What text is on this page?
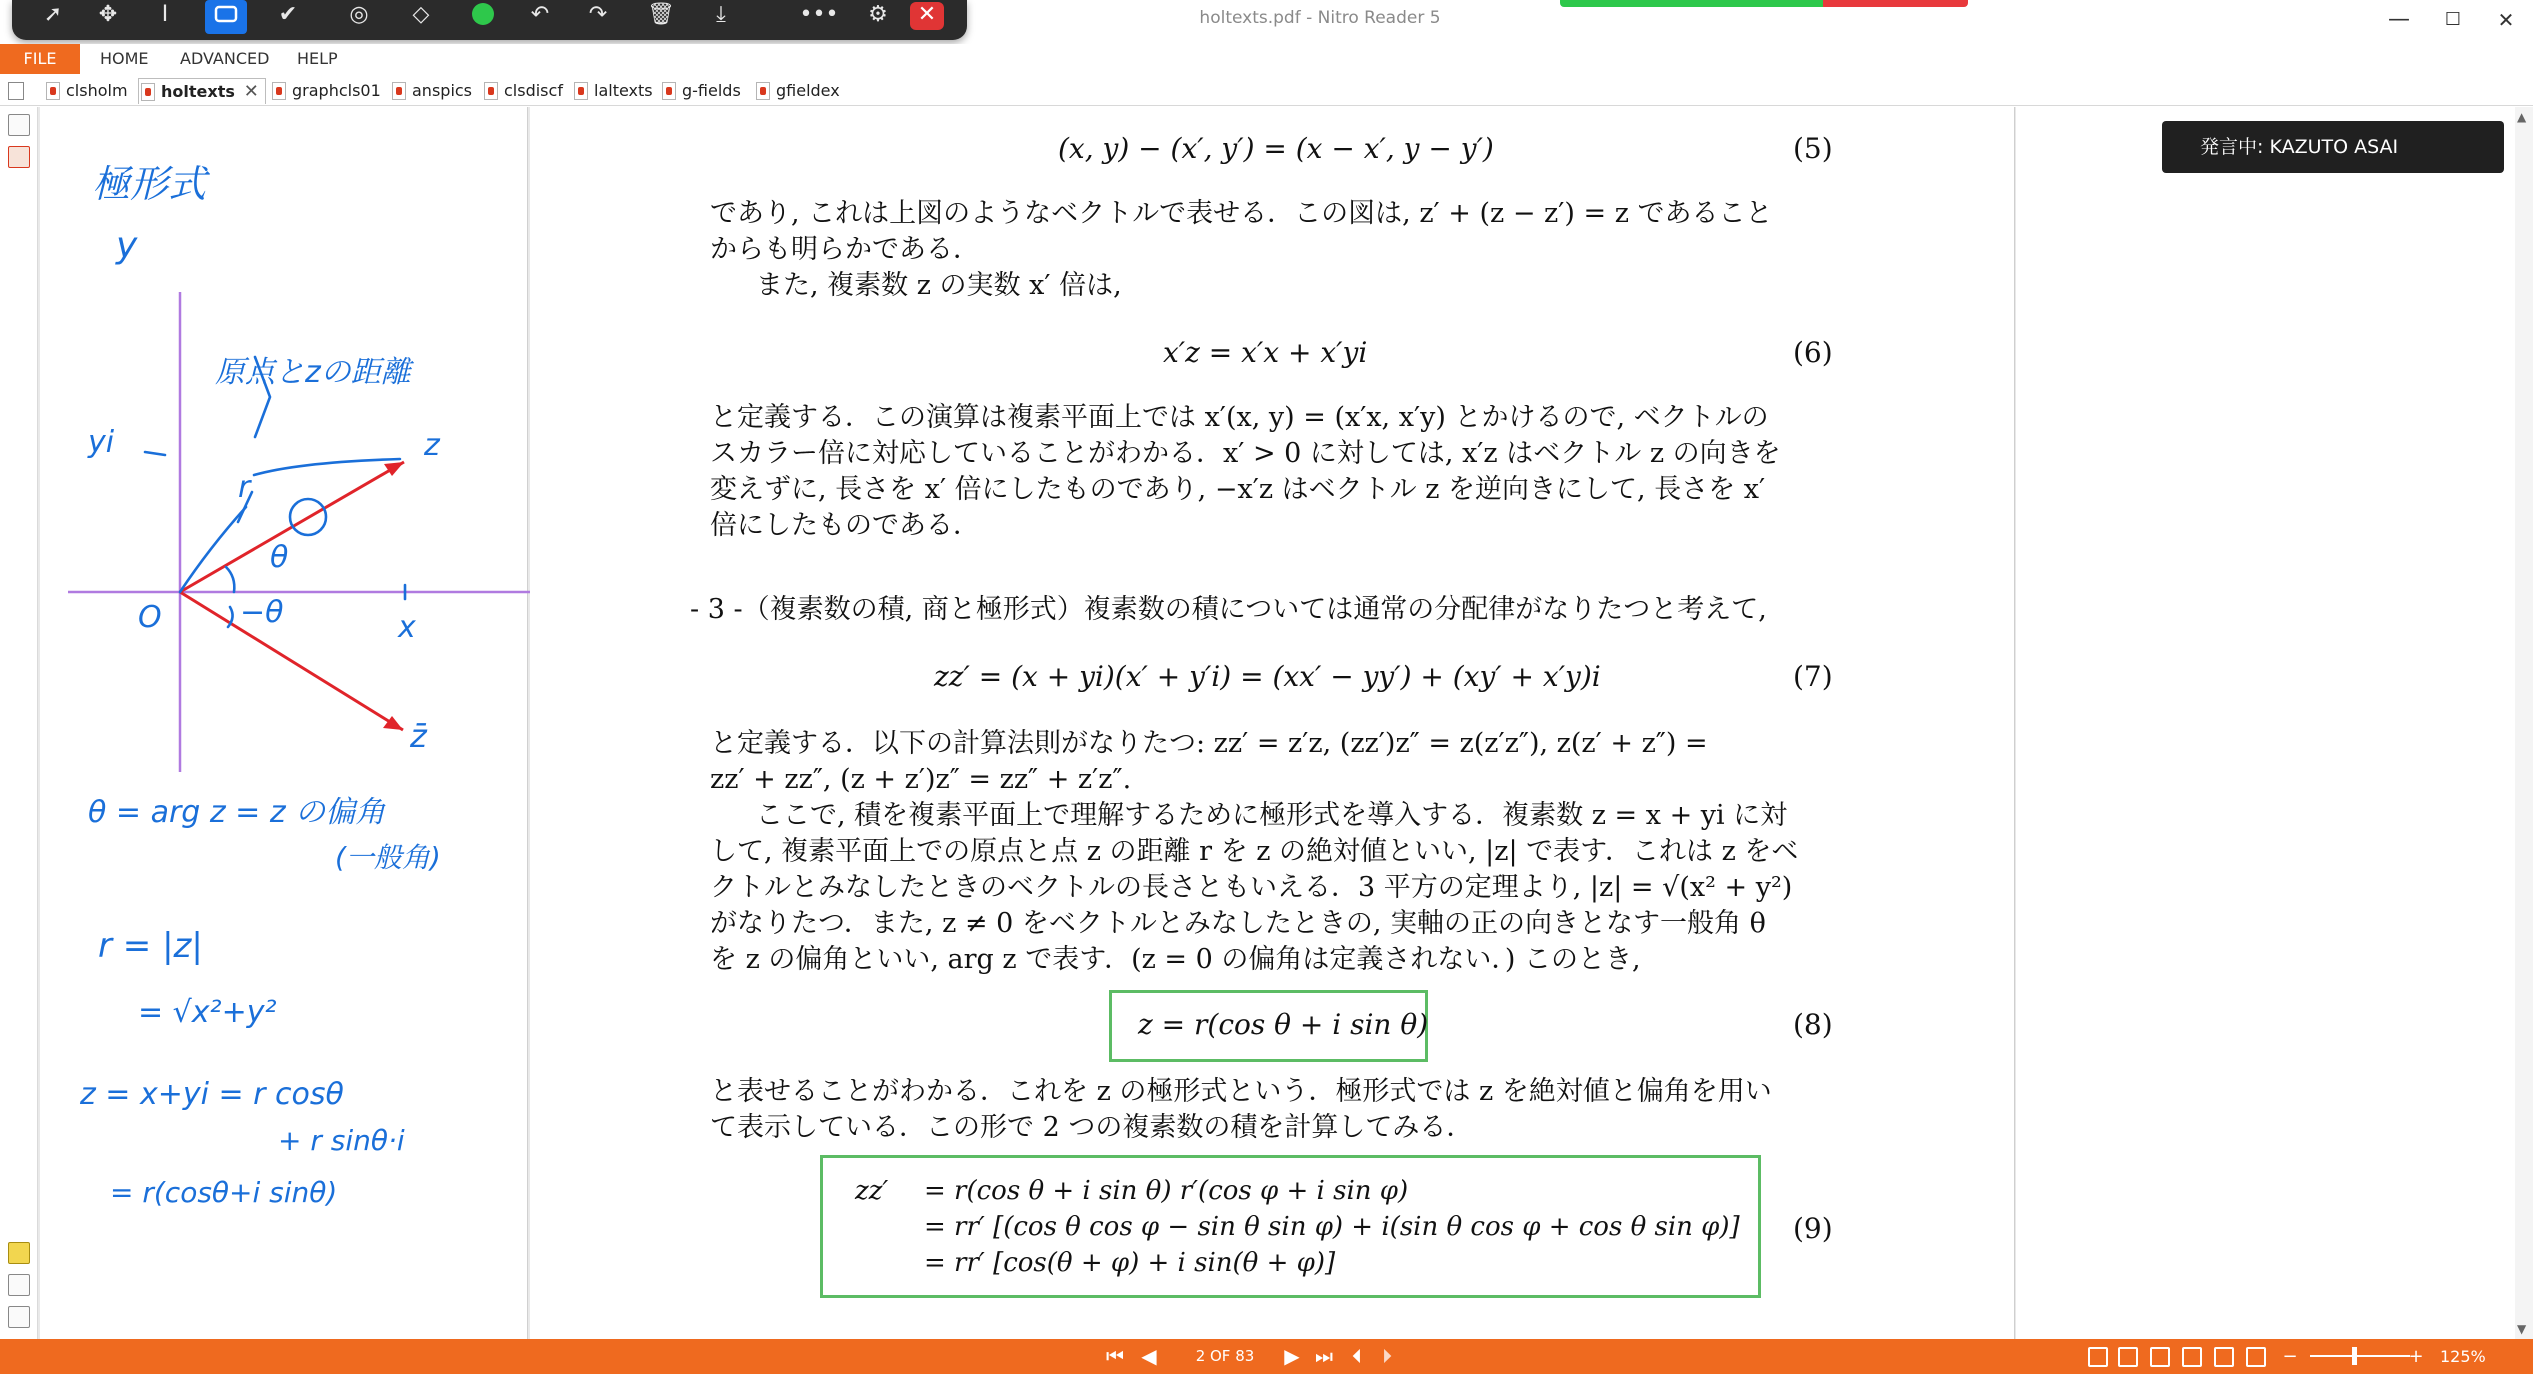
holtexts.pdf - Nitro Reader 5	—	☐	✕
➚	✥	I	✔	◎	◇	↶	↷	🗑	⤓	•••	⚙	✕
FILE	HOME ADVANCED HELP
clsholm	holtexts ✕	graphcls01	anspics	clsdiscf	laltexts	g-fields	gfieldex
極形式
y
原点とzの距離
yi	z
r
θ
−θ
O	x
z̄
θ = arg z = z の偏角
(一般角)
r = |z|
= √x²+y²
z = x+yi = r cosθ
+ r sinθ·i
= r(cosθ+i sinθ)
発言中: KAZUTO ASAI
(x, y) − (x′, y′) = (x − x′, y − y′)	(5)
であり, これは上図のようなベクトルで表せる．この図は, z′ + (z − z′) = z であること
からも明らかである．
また, 複素数 z の実数 x′ 倍は,
x′z = x′x + x′yi	(6)
と定義する．この演算は複素平面上では x′(x, y) = (x′x, x′y) とかけるので, ベクトルの
スカラー倍に対応していることがわかる．x′ > 0 に対しては, x′z はベクトル z の向きを
変えずに, 長さを x′ 倍にしたものであり, −x′z はベクトル z を逆向きにして, 長さを x′
倍にしたものである．
- 3 -（複素数の積, 商と極形式）複素数の積については通常の分配律がなりたつと考えて,
zz′ = (x + yi)(x′ + y′i) = (xx′ − yy′) + (xy′ + x′y)i	(7)
と定義する．以下の計算法則がなりたつ: zz′ = z′z, (zz′)z″ = z(z′z″), z(z′ + z″) =
zz′ + zz″, (z + z′)z″ = zz″ + z′z″.
ここで, 積を複素平面上で理解するために極形式を導入する．複素数 z = x + yi に対
して, 複素平面上での原点と点 z の距離 r を z の絶対値といい, |z| で表す．これは z をベ
クトルとみなしたときのベクトルの長さともいえる．3 平方の定理より, |z| = √(x² + y²)
がなりたつ．また, z ≠ 0 をベクトルとみなしたときの, 実軸の正の向きとなす一般角 θ
を z の偏角といい, arg z で表す．(z = 0 の偏角は定義されない．) このとき,
z = r(cos θ + i sin θ)	(8)
と表せることがわかる．これを z の極形式という．極形式では z を絶対値と偏角を用い
て表示している．この形で 2 つの複素数の積を計算してみる．
zz′ = r(cos θ + i sin θ) r′(cos φ + i sin φ)
= rr′ [(cos θ cos φ − sin θ sin φ) + i(sin θ cos φ + cos θ sin φ)]
= rr′ [cos(θ + φ) + i sin(θ + φ)]
(9)
▲
▼
⏮ ◀	2 OF 83	▶ ⏭ ⏴	⏵	−	+ 125%
